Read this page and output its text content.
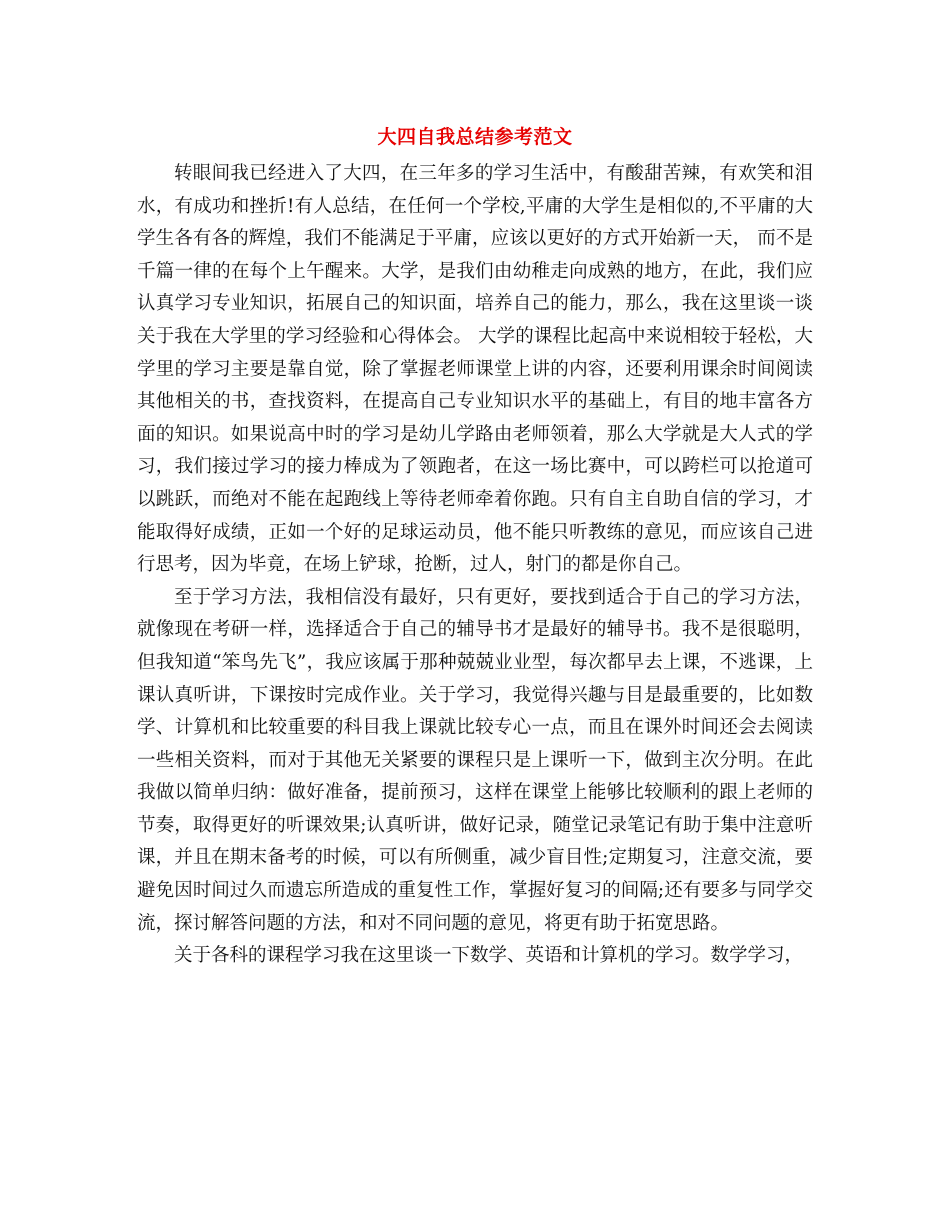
大四自我总结参考范文

转眼间我已经进入了大四，在三年多的学习生活中，有酸甜苦辣，有欢笑和泪水，有成功和挫折!有人总结，在任何一个学校,平庸的大学生是相似的,不平庸的大学生各有各的辉煌，我们不能满足于平庸，应该以更好的方式开始新一天， 而不是千篇一律的在每个上午醒来。大学，是我们由幼稚走向成熟的地方，在此，我们应认真学习专业知识，拓展自己的知识面，培养自己的能力，那么，我在这里谈一谈关于我在大学里的学习经验和心得体会。 大学的课程比起高中来说相较于轻松，大学里的学习主要是靠自觉，除了掌握老师课堂上讲的内容，还要利用课余时间阅读其他相关的书，查找资料，在提高自己专业知识水平的基础上，有目的地丰富各方面的知识。如果说高中时的学习是幼儿学路由老师领着，那么大学就是大人式的学习，我们接过学习的接力棒成为了领跑者，在这一场比赛中，可以跨栏可以抢道可以跳跃，而绝对不能在起跑线上等待老师牵着你跑。只有自主自助自信的学习，才能取得好成绩，正如一个好的足球运动员，他不能只听教练的意见，而应该自己进行思考，因为毕竟，在场上铲球，抢断，过人，射门的都是你自己。

至于学习方法，我相信没有最好，只有更好，要找到适合于自己的学习方法，就像现在考研一样，选择适合于自己的辅导书才是最好的辅导书。我不是很聪明，但我知道“笨鸟先飞”，我应该属于那种兢兢业业型，每次都早去上课，不逃课，上课认真听讲，下课按时完成作业。关于学习，我觉得兴趣与目是最重要的，比如数学、计算机和比较重要的科目我上课就比较专心一点，而且在课外时间还会去阅读一些相关资料，而对于其他无关紧要的课程只是上课听一下，做到主次分明。在此我做以简单归纳：做好准备，提前预习，这样在课堂上能够比较顺利的跟上老师的节奏，取得更好的听课效果;认真听讲，做好记录，随堂记录笔记有助于集中注意听课，并且在期末备考的时候，可以有所侧重，减少盲目性;定期复习，注意交流，要避免因时间过久而遗忘所造成的重复性工作，掌握好复习的间隔;还有要多与同学交流，探讨解答问题的方法，和对不同问题的意见，将更有助于拓宽思路。

关于各科的课程学习我在这里谈一下数学、英语和计算机的学习。数学学习，
